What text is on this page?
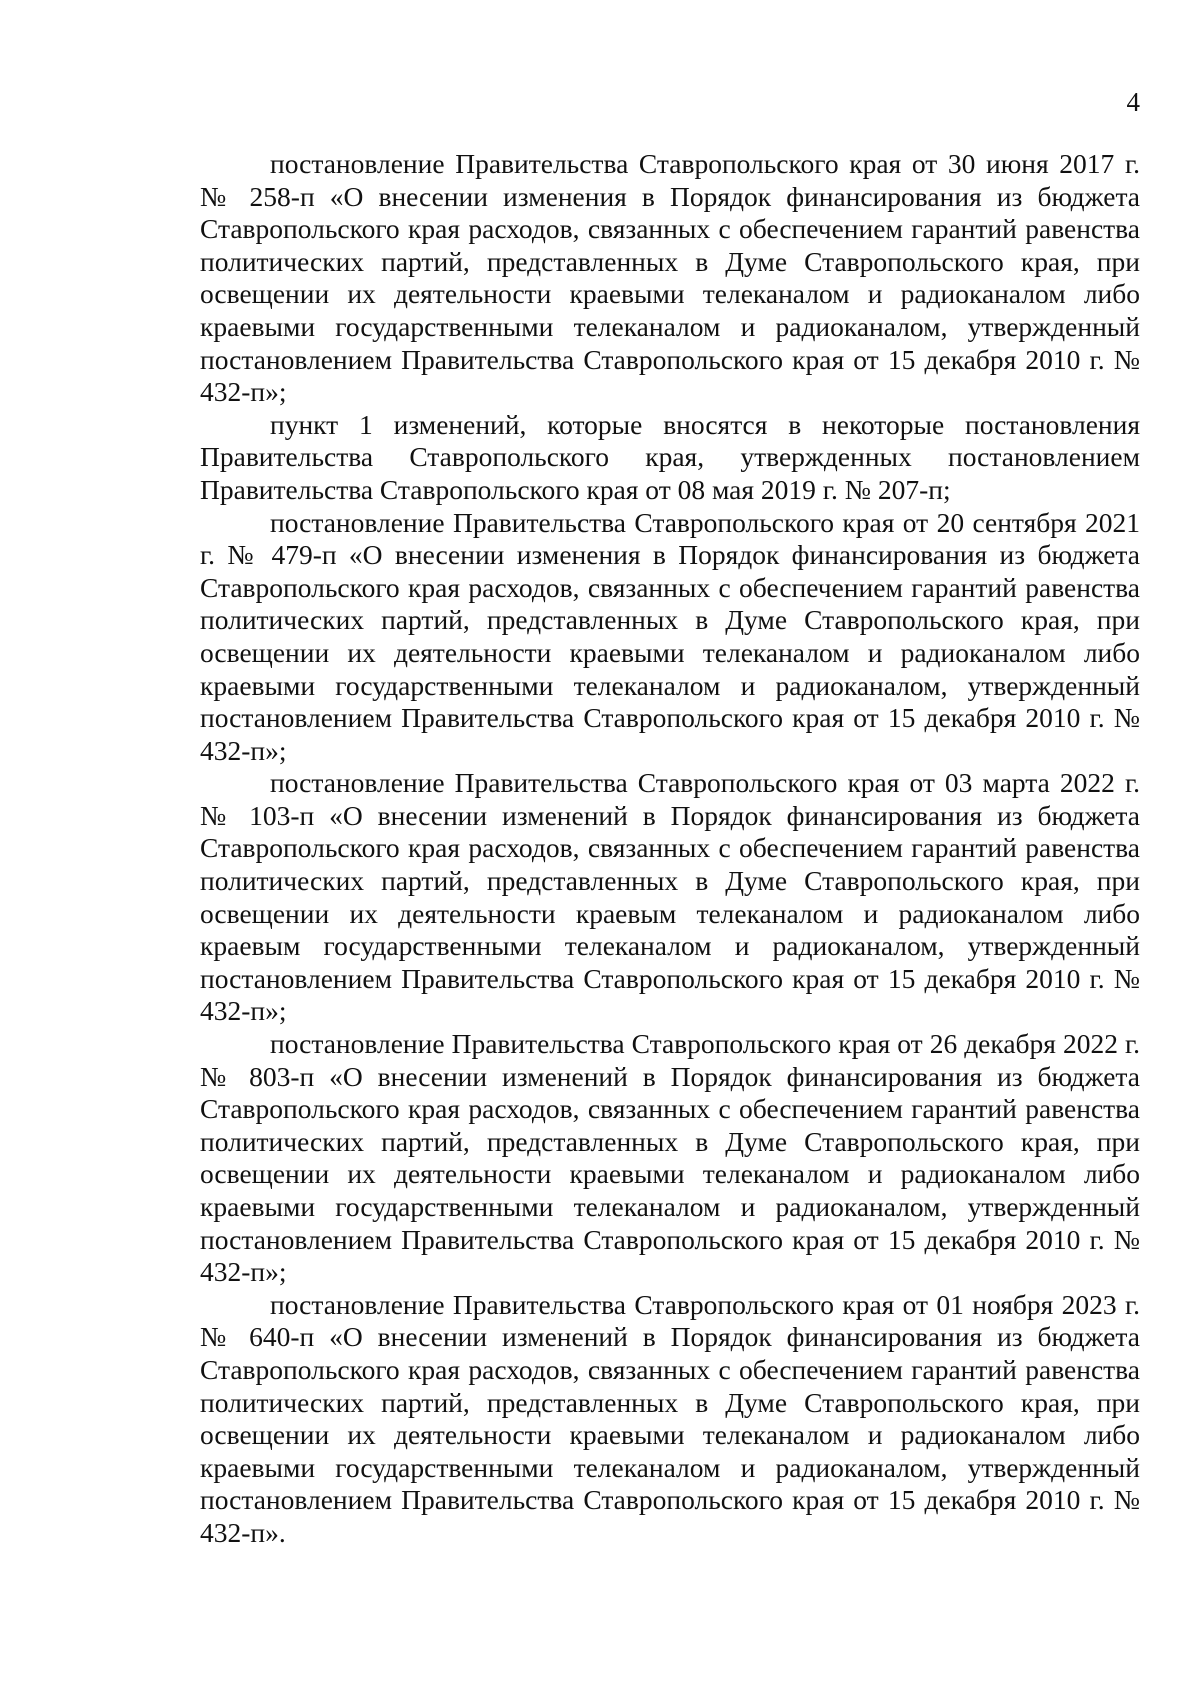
4

постановление Правительства Ставропольского края от 30 июня 2017 г. № 258-п «О внесении изменения в Порядок финансирования из бюджета Ставропольского края расходов, связанных с обеспечением гарантий равенства политических партий, представленных в Думе Ставропольского края, при освещении их деятельности краевыми телеканалом и радиоканалом либо краевыми государственными телеканалом и радиоканалом, утвержденный постановлением Правительства Ставропольского края от 15 декабря 2010 г. № 432-п»;

пункт 1 изменений, которые вносятся в некоторые постановления Правительства Ставропольского края, утвержденных постановлением Правительства Ставропольского края от 08 мая 2019 г. № 207-п;

постановление Правительства Ставропольского края от 20 сентября 2021 г. № 479-п «О внесении изменения в Порядок финансирования из бюджета Ставропольского края расходов, связанных с обеспечением гарантий равенства политических партий, представленных в Думе Ставропольского края, при освещении их деятельности краевыми телеканалом и радиоканалом либо краевыми государственными телеканалом и радиоканалом, утвержденный постановлением Правительства Ставропольского края от 15 декабря 2010 г. № 432-п»;

постановление Правительства Ставропольского края от 03 марта 2022 г. № 103-п «О внесении изменений в Порядок финансирования из бюджета Ставропольского края расходов, связанных с обеспечением гарантий равенства политических партий, представленных в Думе Ставропольского края, при освещении их деятельности краевым телеканалом и радиоканалом либо краевым государственными телеканалом и радиоканалом, утвержденный постановлением Правительства Ставропольского края от 15 декабря 2010 г. № 432-п»;

постановление Правительства Ставропольского края от 26 декабря 2022 г. № 803-п «О внесении изменений в Порядок финансирования из бюджета Ставропольского края расходов, связанных с обеспечением гарантий равенства политических партий, представленных в Думе Ставропольского края, при освещении их деятельности краевыми телеканалом и радиоканалом либо краевыми государственными телеканалом и радиоканалом, утвержденный постановлением Правительства Ставропольского края от 15 декабря 2010 г. № 432-п»;

постановление Правительства Ставропольского края от 01 ноября 2023 г. № 640-п «О внесении изменений в Порядок финансирования из бюджета Ставропольского края расходов, связанных с обеспечением гарантий равенства политических партий, представленных в Думе Ставропольского края, при освещении их деятельности краевыми телеканалом и радиоканалом либо краевыми государственными телеканалом и радиоканалом, утвержденный постановлением Правительства Ставропольского края от 15 декабря 2010 г. № 432-п».
